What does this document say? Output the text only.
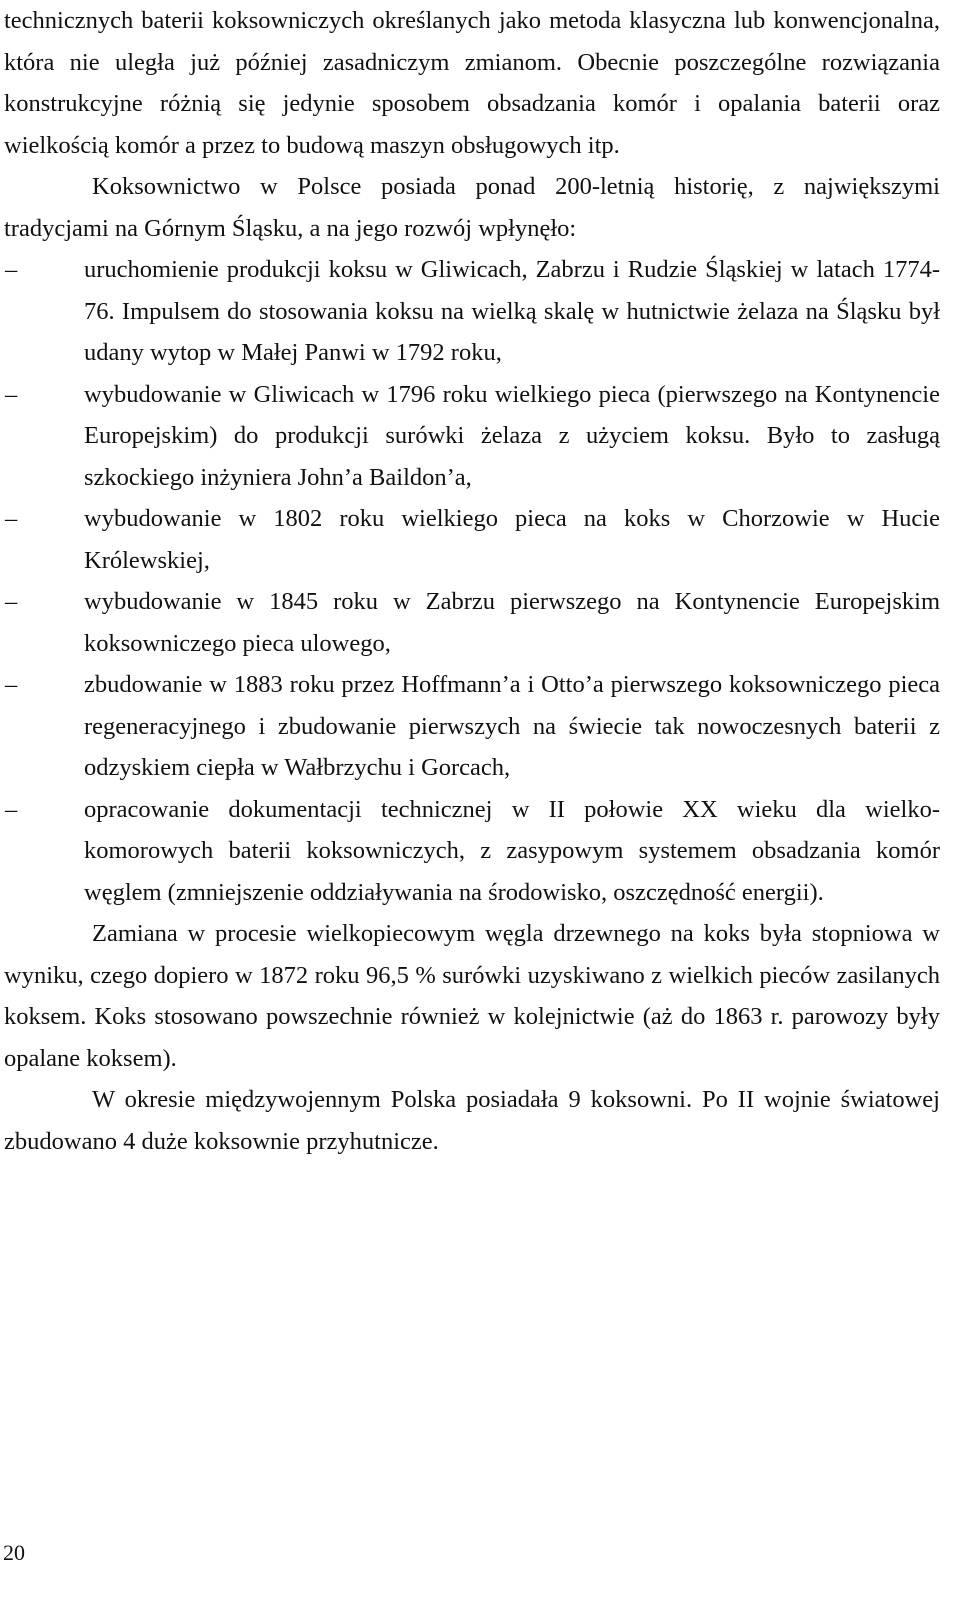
technicznych baterii koksowniczych określanych jako metoda klasyczna lub konwencjonalna, która nie uległa już później zasadniczym zmianom. Obecnie poszczególne rozwiązania konstrukcyjne różnią się jedynie sposobem obsadzania komór i opalania baterii oraz wielkością komór a przez to budową maszyn obsługowych itp.

Koksownictwo w Polsce posiada ponad 200-letnią historię, z największymi tradycjami na Górnym Śląsku, a na jego rozwój wpłynęło:

–	uruchomienie produkcji koksu w Gliwicach, Zabrzu i Rudzie Śląskiej w latach 1774-76. Impulsem do stosowania koksu na wielką skalę w hutnictwie żelaza na Śląsku był udany wytop w Małej Panwi w 1792 roku,
–	wybudowanie w Gliwicach w 1796 roku wielkiego pieca (pierwszego na Kontynencie Europejskim) do produkcji surówki żelaza z użyciem koksu. Było to zasługą szkockiego inżyniera John’a Baildon’a,
–	wybudowanie w 1802 roku wielkiego pieca na koks w Chorzowie w Hucie Królewskiej,
–	wybudowanie w 1845 roku w Zabrzu pierwszego na Kontynencie Europejskim koksowniczego pieca ulowego,
–	zbudowanie w 1883 roku przez Hoffmann’a i Otto’a pierwszego koksowniczego pieca regeneracyjnego i zbudowanie pierwszych na świecie tak nowoczesnych baterii z odzyskiem ciepła w Wałbrzychu i Gorcach,
–	opracowanie dokumentacji technicznej w II połowie XX wieku dla wielko-komorowych baterii koksowniczych, z zasypowym systemem obsadzania komór węglem (zmniejszenie oddziaływania na środowisko, oszczędność energii).

Zamiana w procesie wielkopiecowym węgla drzewnego na koks była stopniowa w wyniku, czego dopiero w 1872 roku 96,5 % surówki uzyskiwano z wielkich pieców zasilanych koksem. Koks stosowano powszechnie również w kolejnictwie (aż do 1863 r. parowozy były opalane koksem).

W okresie międzywojennym Polska posiadała 9 koksowni. Po II wojnie światowej zbudowano 4 duże koksownie przyhutnicze.

20
